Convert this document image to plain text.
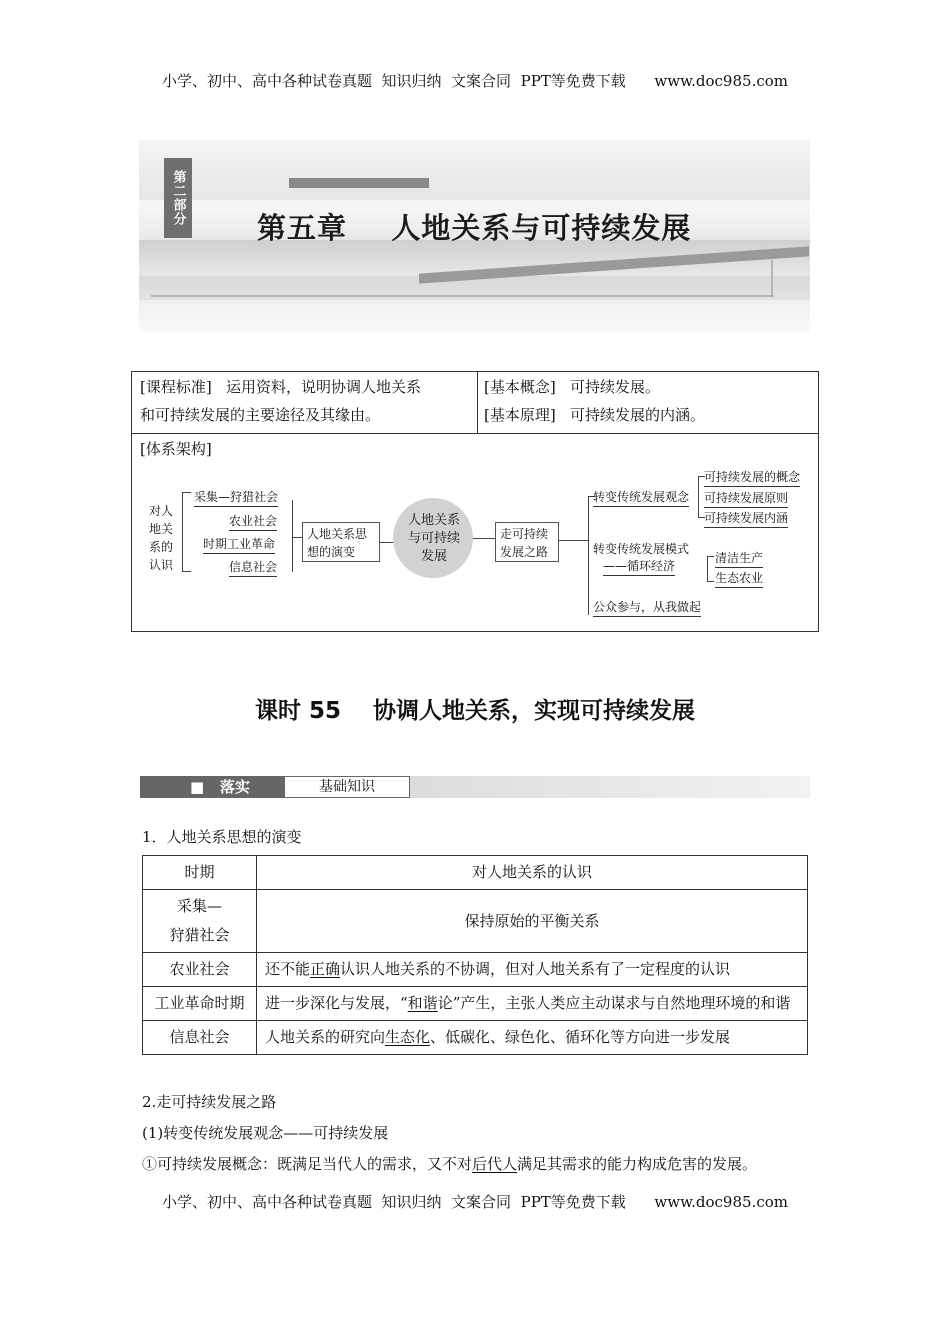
小学、初中、高中各种试卷真题  知识归纳  文案合同  PPT等免费下载      www.doc985.com
第二部分
第五章    人地关系与可持续发展
[课程标准] 运用资料，说明协调人地关系
和可持续发展的主要途径及其缘由。
[基本概念] 可持续发展。
[基本原理] 可持续发展的内涵。
[体系架构]
对人
地关
系的
认识
采集—狩猎社会
农业社会
时期工业革命
信息社会
人地关系思
想的演变
人地关系
与可持续
发展
走可持续
发展之路
转变传统发展观念
可持续发展的概念
可持续发展原则
可持续发展内涵
转变传统发展模式
——循环经济
清洁生产
生态农业
公众参与，从我做起
课时 55    协调人地关系，实现可持续发展
■   落实	基础知识
1．人地关系思想的演变
时期	对人地关系的认识
采集—
狩猎社会	保持原始的平衡关系
农业社会	还不能正确认识人地关系的不协调，但对人地关系有了一定程度的认识
工业革命时期	进一步深化与发展，“和谐论”产生，主张人类应主动谋求与自然地理环境的和谐
信息社会	人地关系的研究向生态化、低碳化、绿色化、循环化等方向进一步发展
2.走可持续发展之路
(1)转变传统发展观念——可持续发展
①可持续发展概念：既满足当代人的需求，又不对后代人满足其需求的能力构成危害的发展。
小学、初中、高中各种试卷真题  知识归纳  文案合同  PPT等免费下载      www.doc985.com
